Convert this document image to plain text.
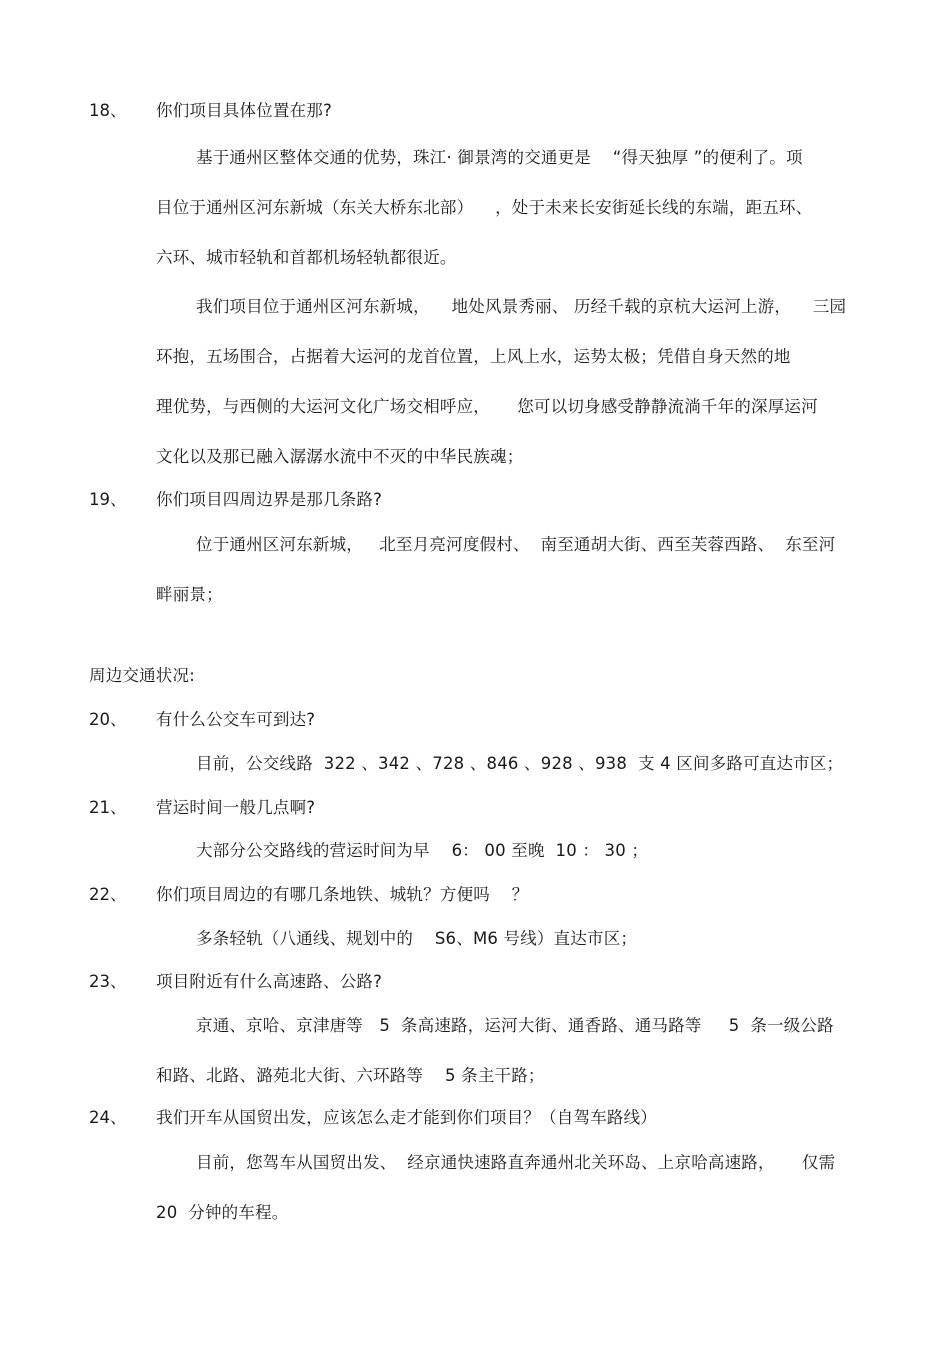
18、 你们项目具体位置在那?
基于通州区整体交通的优势，珠江· 御景湾的交通更是    “得天独厚 ”的便利了。项
目位于通州区河东新城（东关大桥东北部）    ，处于未来长安街延长线的东端，距五环、
六环、城市轻轨和首都机场轻轨都很近。
我们项目位于通州区河东新城，    地处风景秀丽、 历经千载的京杭大运河上游，    三园
环抱，五场围合，占据着大运河的龙首位置，上风上水，运势太极；凭借自身天然的地
理优势，与西侧的大运河文化广场交相呼应，     您可以切身感受静静流淌千年的深厚运河
文化以及那已融入潺潺水流中不灭的中华民族魂；
19、 你们项目四周边界是那几条路?
位于通州区河东新城，   北至月亮河度假村、  南至通胡大街、西至芙蓉西路、  东至河
畔丽景；
周边交通状况:
20、 有什么公交车可到达?
目前，公交线路  322 、342 、728 、846 、928 、938  支 4 区间多路可直达市区；
21、 营运时间一般几点啊?
大部分公交路线的营运时间为早    6： 00 至晚  10 ： 30 ；
22、 你们项目周边的有哪几条地铁、城轨？方便吗    ？
多条轻轨（八通线、规划中的    S6、M6 号线）直达市区；
23、 项目附近有什么高速路、公路?
京通、京哈、京津唐等   5  条高速路，运河大街、通香路、通马路等     5  条一级公路
和路、北路、潞苑北大街、六环路等    5 条主干路；
24、 我们开车从国贸出发，应该怎么走才能到你们项目？（自驾车路线）
目前，您驾车从国贸出发、  经京通快速路直奔通州北关环岛、上京哈高速路，     仅需
20  分钟的车程。
